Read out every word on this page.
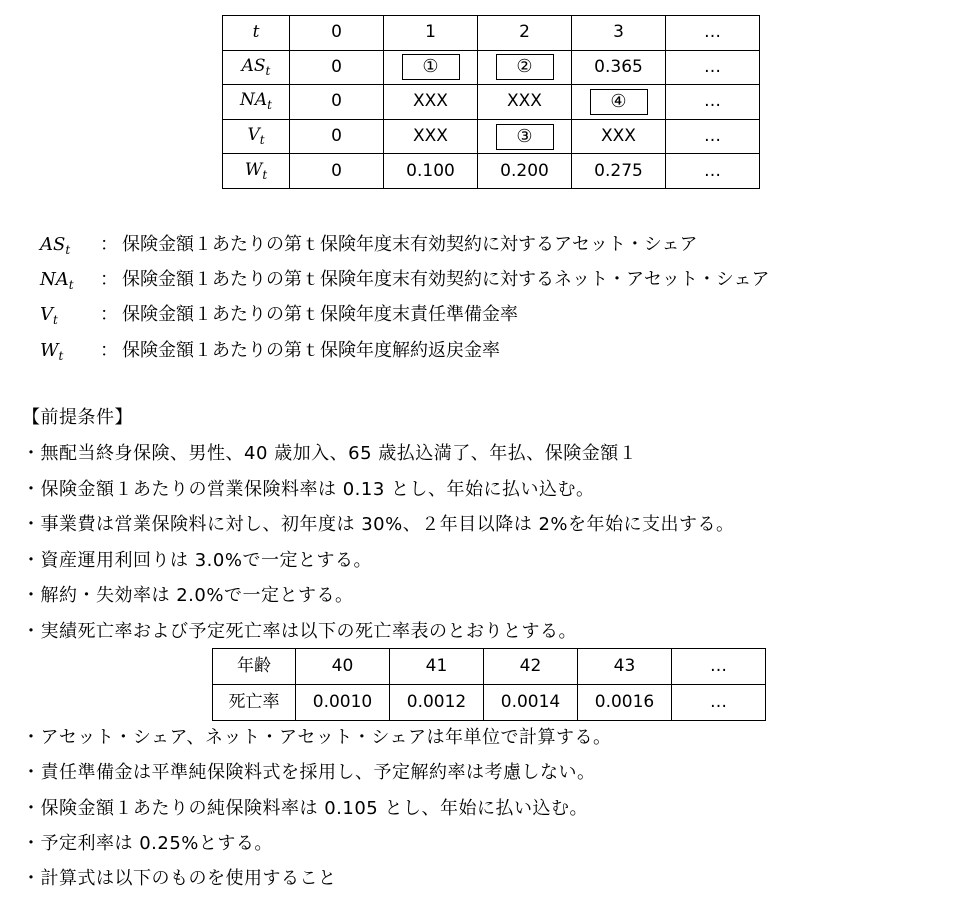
t	0	1	2	3	…
$AS_t$	0	①	②	0.365	…
$NA_t$	0	XXX	XXX	④	…
$V_t$	0	XXX	③	XXX	…
$W_t$	0	0.100	0.200	0.275	…
$AS_t$ ： 保険金額１あたりの第ｔ保険年度末有効契約に対するアセット・シェア
$NA_t$ ： 保険金額１あたりの第ｔ保険年度末有効契約に対するネット・アセット・シェア
$V_t$ ： 保険金額１あたりの第ｔ保険年度末責任準備金率
$W_t$ ： 保険金額１あたりの第ｔ保険年度解約返戻金率
【前提条件】
・無配当終身保険、男性、40 歳加入、65 歳払込満了、年払、保険金額１
・保険金額１あたりの営業保険料率は 0.13 とし、年始に払い込む。
・事業費は営業保険料に対し、初年度は 30%、２年目以降は 2%を年始に支出する。
・資産運用利回りは 3.0%で一定とする。
・解約・失効率は 2.0%で一定とする。
・実績死亡率および予定死亡率は以下の死亡率表のとおりとする。
年齢	40	41	42	43	…
死亡率	0.0010	0.0012	0.0014	0.0016	…
・アセット・シェア、ネット・アセット・シェアは年単位で計算する。
・責任準備金は平準純保険料式を採用し、予定解約率は考慮しない。
・保険金額１あたりの純保険料率は 0.105 とし、年始に払い込む。
・予定利率は 0.25%とする。
・計算式は以下のものを使用すること
